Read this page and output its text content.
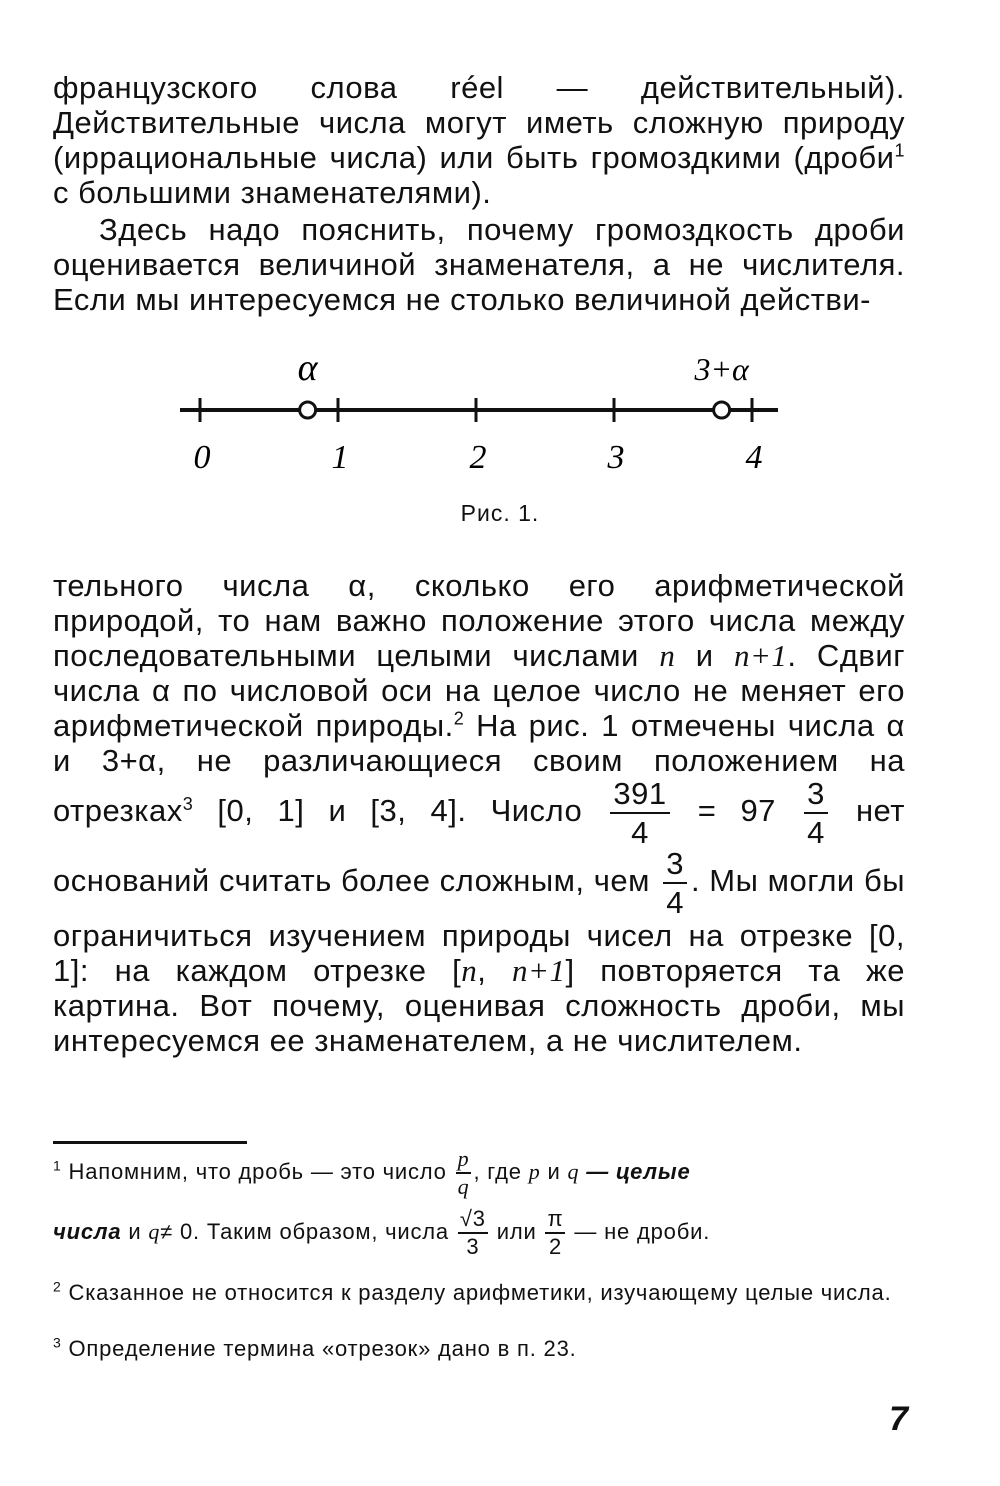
французского слова réel — действительный). Действительные числа могут иметь сложную природу (иррациональные числа) или быть громоздкими (дроби$^1$ с большими знаменателями).

Здесь надо пояснить, почему громоздкость дроби оценивается величиной знаменателя, а не числителя. Если мы интересуемся не столько величиной действи-

0	1	2	3	4
α	3+α
Рис. 1.

тельного числа α, сколько его арифметической природой, то нам важно положение этого числа между последовательными целыми числами n и n+1. Сдвиг числа α по числовой оси на целое число не меняет его арифметической природы.$^2$ На рис. 1 отмечены числа α и 3+α, не различающиеся своим положением на отрезках$^3$ [0, 1] и [3, 4]. Число $\frac{391}{4} = 97 \frac{3}{4}$ нет оснований считать более сложным, чем $\frac{3}{4}$ . Мы могли бы ограничиться изучением природы чисел на отрезке [0, 1]: на каждом отрезке [n, n+1] повторяется та же картина. Вот почему, оценивая сложность дроби, мы интересуемся ее знаменателем, а не числителем.

$^1$ Напомним, что дробь — это число $\frac{p}{q}$ , где p и q — целые

числа и q≠ 0. Таким образом, числа $\frac{√3}{3}$ или $\frac{\pi}{2}$ — не дроби.

$^2$ Сказанное не относится к разделу арифметики, изучающему целые числа.

$^3$ Определение термина «отрезок» дано в п. 23.

7
